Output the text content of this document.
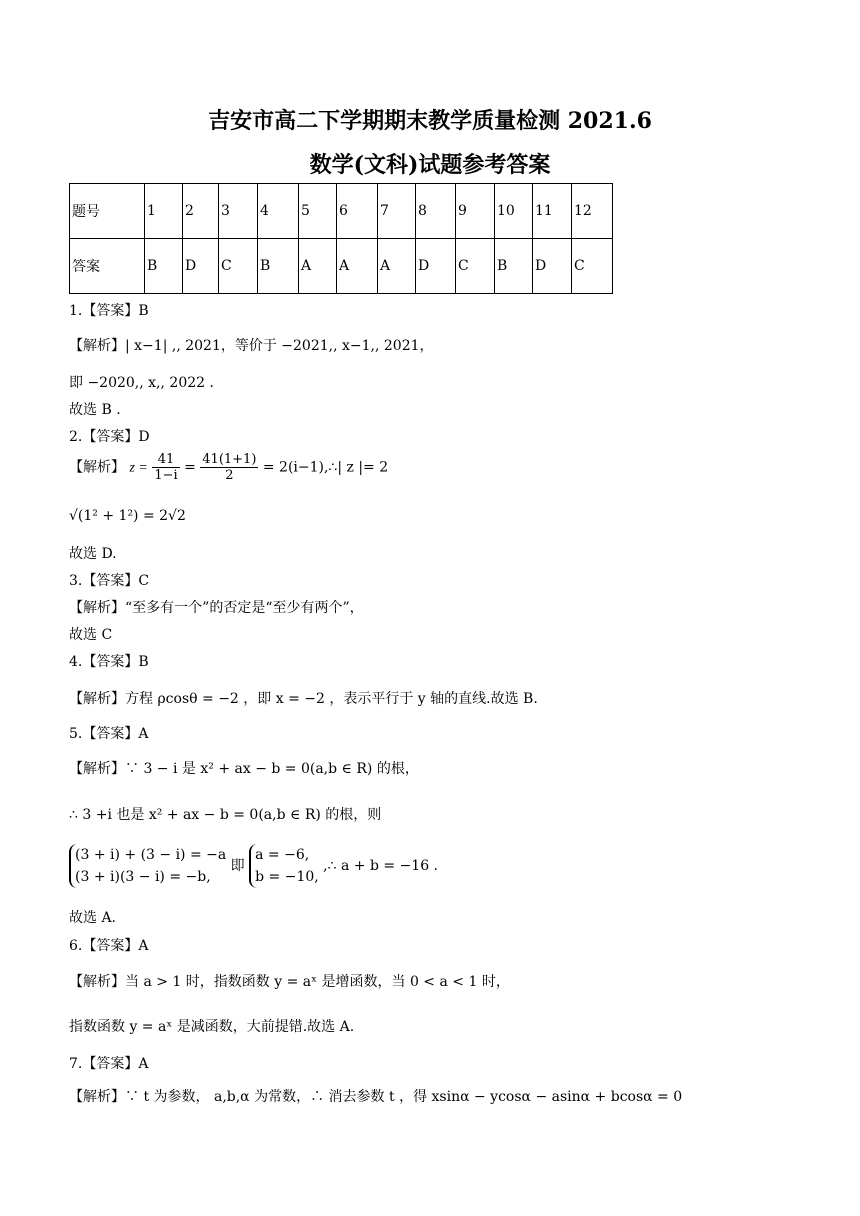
吉安市高二下学期期末教学质量检测 2021.6
数学(文科)试题参考答案
题号	1	2	3	4	5	6	7	8	9	10	11	12
答案	B	D	C	B	A	A	A	D	C	B	D	C
1.【答案】B
【解析】| x−1| ,, 2021，等价于 −2021,, x−1,, 2021，
即 −2020,, x,, 2022 .
故选 B .
2.【答案】D
【解析】 $z = \frac{41}{1-i} = \frac{41(1+1)}{2}$ = 2(i−1),∴| z |= 2
√(1² + 1²) = 2√2
故选 D.
3.【答案】C
【解析】“至多有一个”的否定是“至少有两个”，
故选 C
4.【答案】B
【解析】方程 ρcosθ = −2 ，即 x = −2 ，表示平行于 y 轴的直线.故选 B.
5.【答案】A
【解析】∵ 3 − i 是 x² + ax − b = 0(a,b ∈ R) 的根，
∴ 3 +i 也是 x² + ax − b = 0(a,b ∈ R) 的根，则
(3 + i) + (3 − i) = −a
(3 + i)(3 − i) = −b,
即
a = −6,
b = −10,
,∴ a + b = −16 .
故选 A.
6.【答案】A
【解析】当 a > 1 时，指数函数 y = aˣ 是增函数，当 0 < a < 1 时，
指数函数 y = aˣ 是减函数，大前提错.故选 A.
7.【答案】A
【解析】∵ t 为参数， a,b,α 为常数，∴ 消去参数 t ，得 xsinα − ycosα − asinα + bcosα = 0
